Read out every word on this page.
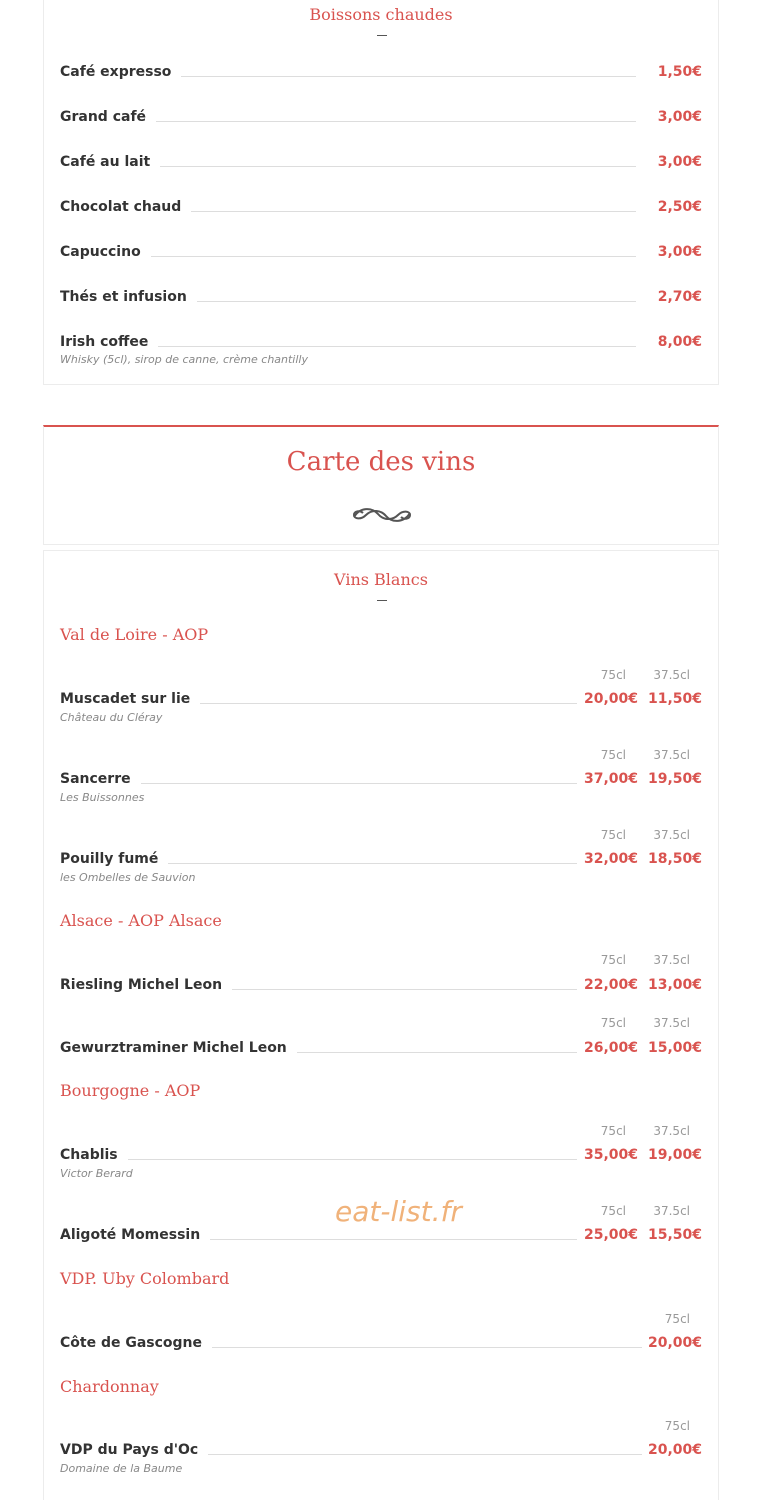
Boissons chaudes
Café expresso	1,50€
Grand café	3,00€
Café au lait	3,00€
Chocolat chaud	2,50€
Capuccino	3,00€
Thés et infusion	2,70€
Irish coffee	8,00€
Whisky (5cl), sirop de canne, crème chantilly
Carte des vins
Vins Blancs
Val de Loire - AOP
75cl 37.5cl
Muscadet sur lie	20,00€ 11,50€
Château du Cléray
75cl 37.5cl
Sancerre	37,00€ 19,50€
Les Buissonnes
75cl 37.5cl
Pouilly fumé	32,00€ 18,50€
les Ombelles de Sauvion
Alsace - AOP Alsace
75cl 37.5cl
Riesling Michel Leon	22,00€ 13,00€
75cl 37.5cl
Gewurztraminer Michel Leon	26,00€ 15,00€
Bourgogne - AOP
75cl 37.5cl
Chablis	35,00€ 19,00€
Victor Berard
75cl 37.5cl
Aligoté Momessin	25,00€ 15,50€
VDP. Uby Colombard
75cl
Côte de Gascogne	20,00€
Chardonnay
75cl
VDP du Pays d'Oc	20,00€
Domaine de la Baume
eat-list.fr
